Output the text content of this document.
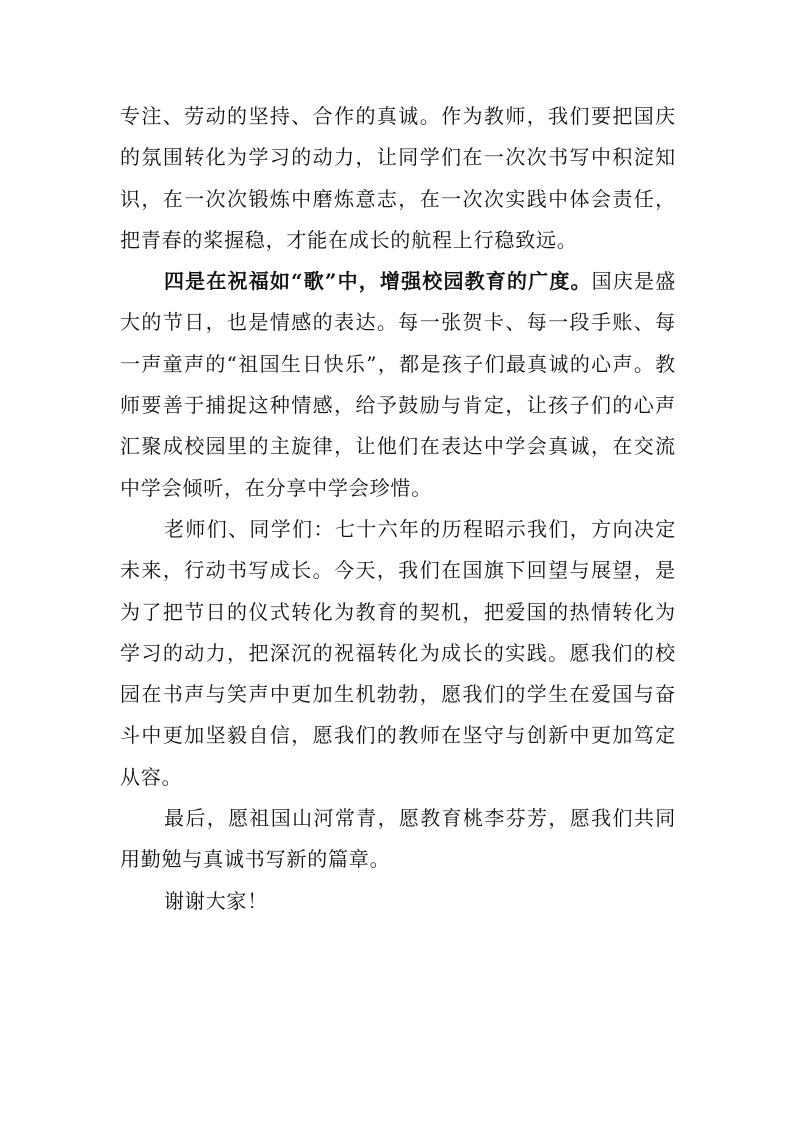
专注、劳动的坚持、合作的真诚。作为教师，我们要把国庆的氛围转化为学习的动力，让同学们在一次次书写中积淀知识，在一次次锻炼中磨炼意志，在一次次实践中体会责任，把青春的桨握稳，才能在成长的航程上行稳致远。

四是在祝福如“歌”中，增强校园教育的广度。国庆是盛大的节日，也是情感的表达。每一张贺卡、每一段手账、每一声童声的“祖国生日快乐”，都是孩子们最真诚的心声。教师要善于捕捉这种情感，给予鼓励与肯定，让孩子们的心声汇聚成校园里的主旋律，让他们在表达中学会真诚，在交流中学会倾听，在分享中学会珍惜。

老师们、同学们：七十六年的历程昭示我们，方向决定未来，行动书写成长。今天，我们在国旗下回望与展望，是为了把节日的仪式转化为教育的契机，把爱国的热情转化为学习的动力，把深沉的祝福转化为成长的实践。愿我们的校园在书声与笑声中更加生机勃勃，愿我们的学生在爱国与奋斗中更加坚毅自信，愿我们的教师在坚守与创新中更加笃定从容。

最后，愿祖国山河常青，愿教育桃李芬芳，愿我们共同用勤勉与真诚书写新的篇章。

谢谢大家！
